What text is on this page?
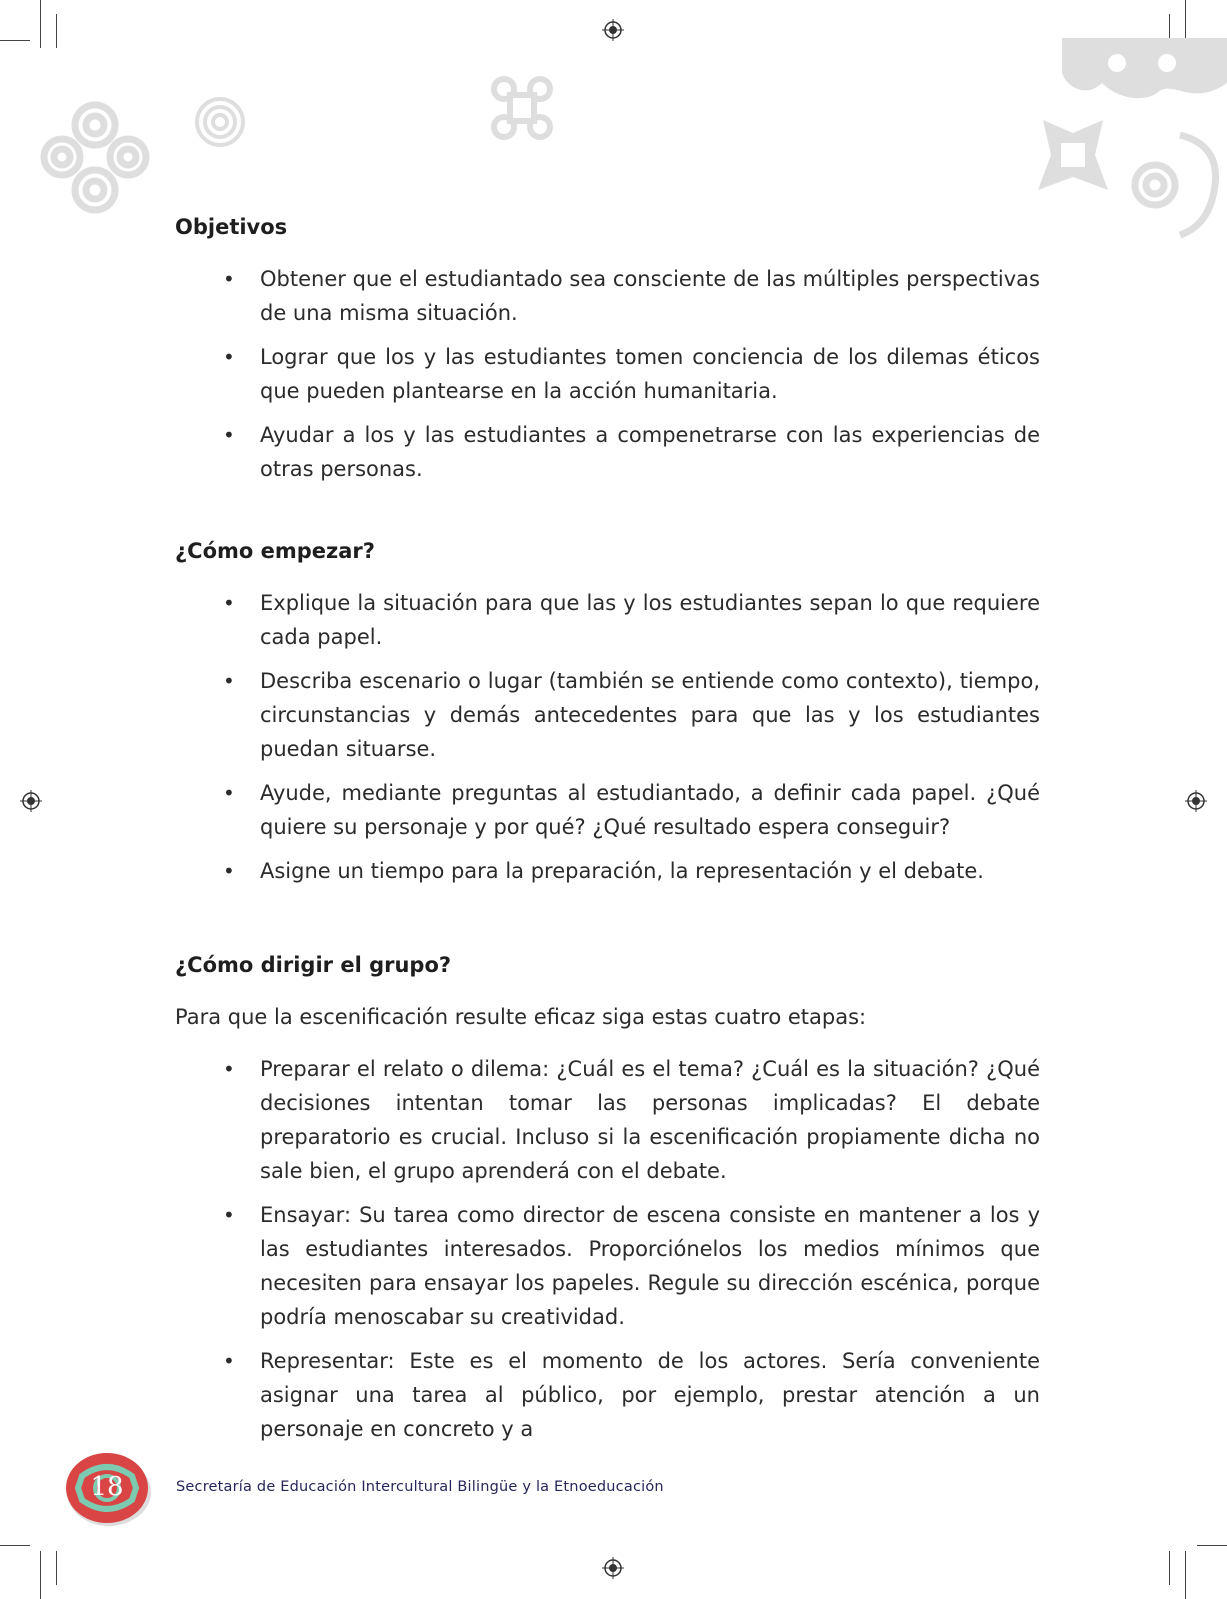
Objetivos
• Obtener que el estudiantado sea consciente de las múltiples perspectivas de una misma situación.
• Lograr que los y las estudiantes tomen conciencia de los dilemas éticos que pueden plantearse en la acción humanitaria.
• Ayudar a los y las estudiantes a compenetrarse con las experiencias de otras personas.
¿Cómo empezar?
• Explique la situación para que las y los estudiantes sepan lo que requiere cada papel.
• Describa escenario o lugar (también se entiende como contexto), tiempo, circunstancias y demás antecedentes para que las y los estudiantes puedan situarse.
• Ayude, mediante preguntas al estudiantado, a definir cada papel. ¿Qué quiere su personaje y por qué? ¿Qué resultado espera conseguir?
• Asigne un tiempo para la preparación, la representación y el debate.
¿Cómo dirigir el grupo?

Para que la escenificación resulte eficaz siga estas cuatro etapas:

• Preparar el relato o dilema: ¿Cuál es el tema? ¿Cuál es la situación? ¿Qué decisiones intentan tomar las personas implicadas? El debate preparatorio es crucial. Incluso si la escenificación propiamente dicha no sale bien, el grupo aprenderá con el debate.
• Ensayar: Su tarea como director de escena consiste en mantener a los y las estudiantes interesados. Proporciónelos los medios mínimos que necesiten para ensayar los papeles. Regule su dirección escénica, porque podría menoscabar su creatividad.
• Representar: Este es el momento de los actores. Sería conveniente asignar una tarea al público, por ejemplo, prestar atención a un personaje en concreto y a
18	Secretaría de Educación Intercultural Bilingüe y la Etnoeducación
